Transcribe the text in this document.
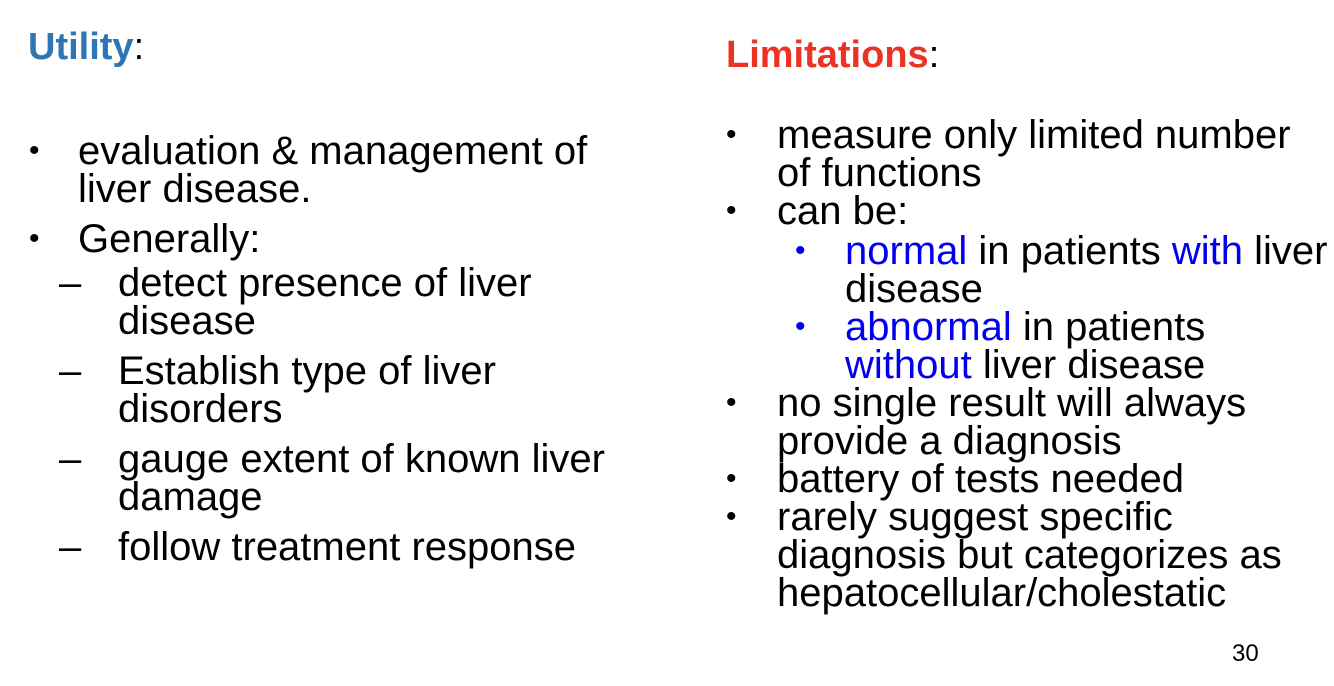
Utility:
• evaluation & management of liver disease.
• Generally:
– detect presence of liver disease
– Establish type of liver disorders
– gauge extent of known liver damage
– follow treatment response
Limitations:
• measure only limited number of functions
• can be:
• normal in patients with liver disease
• abnormal in patients without liver disease
• no single result will always provide a diagnosis
• battery of tests needed
• rarely suggest specific diagnosis but categorizes as hepatocellular/cholestatic
30
